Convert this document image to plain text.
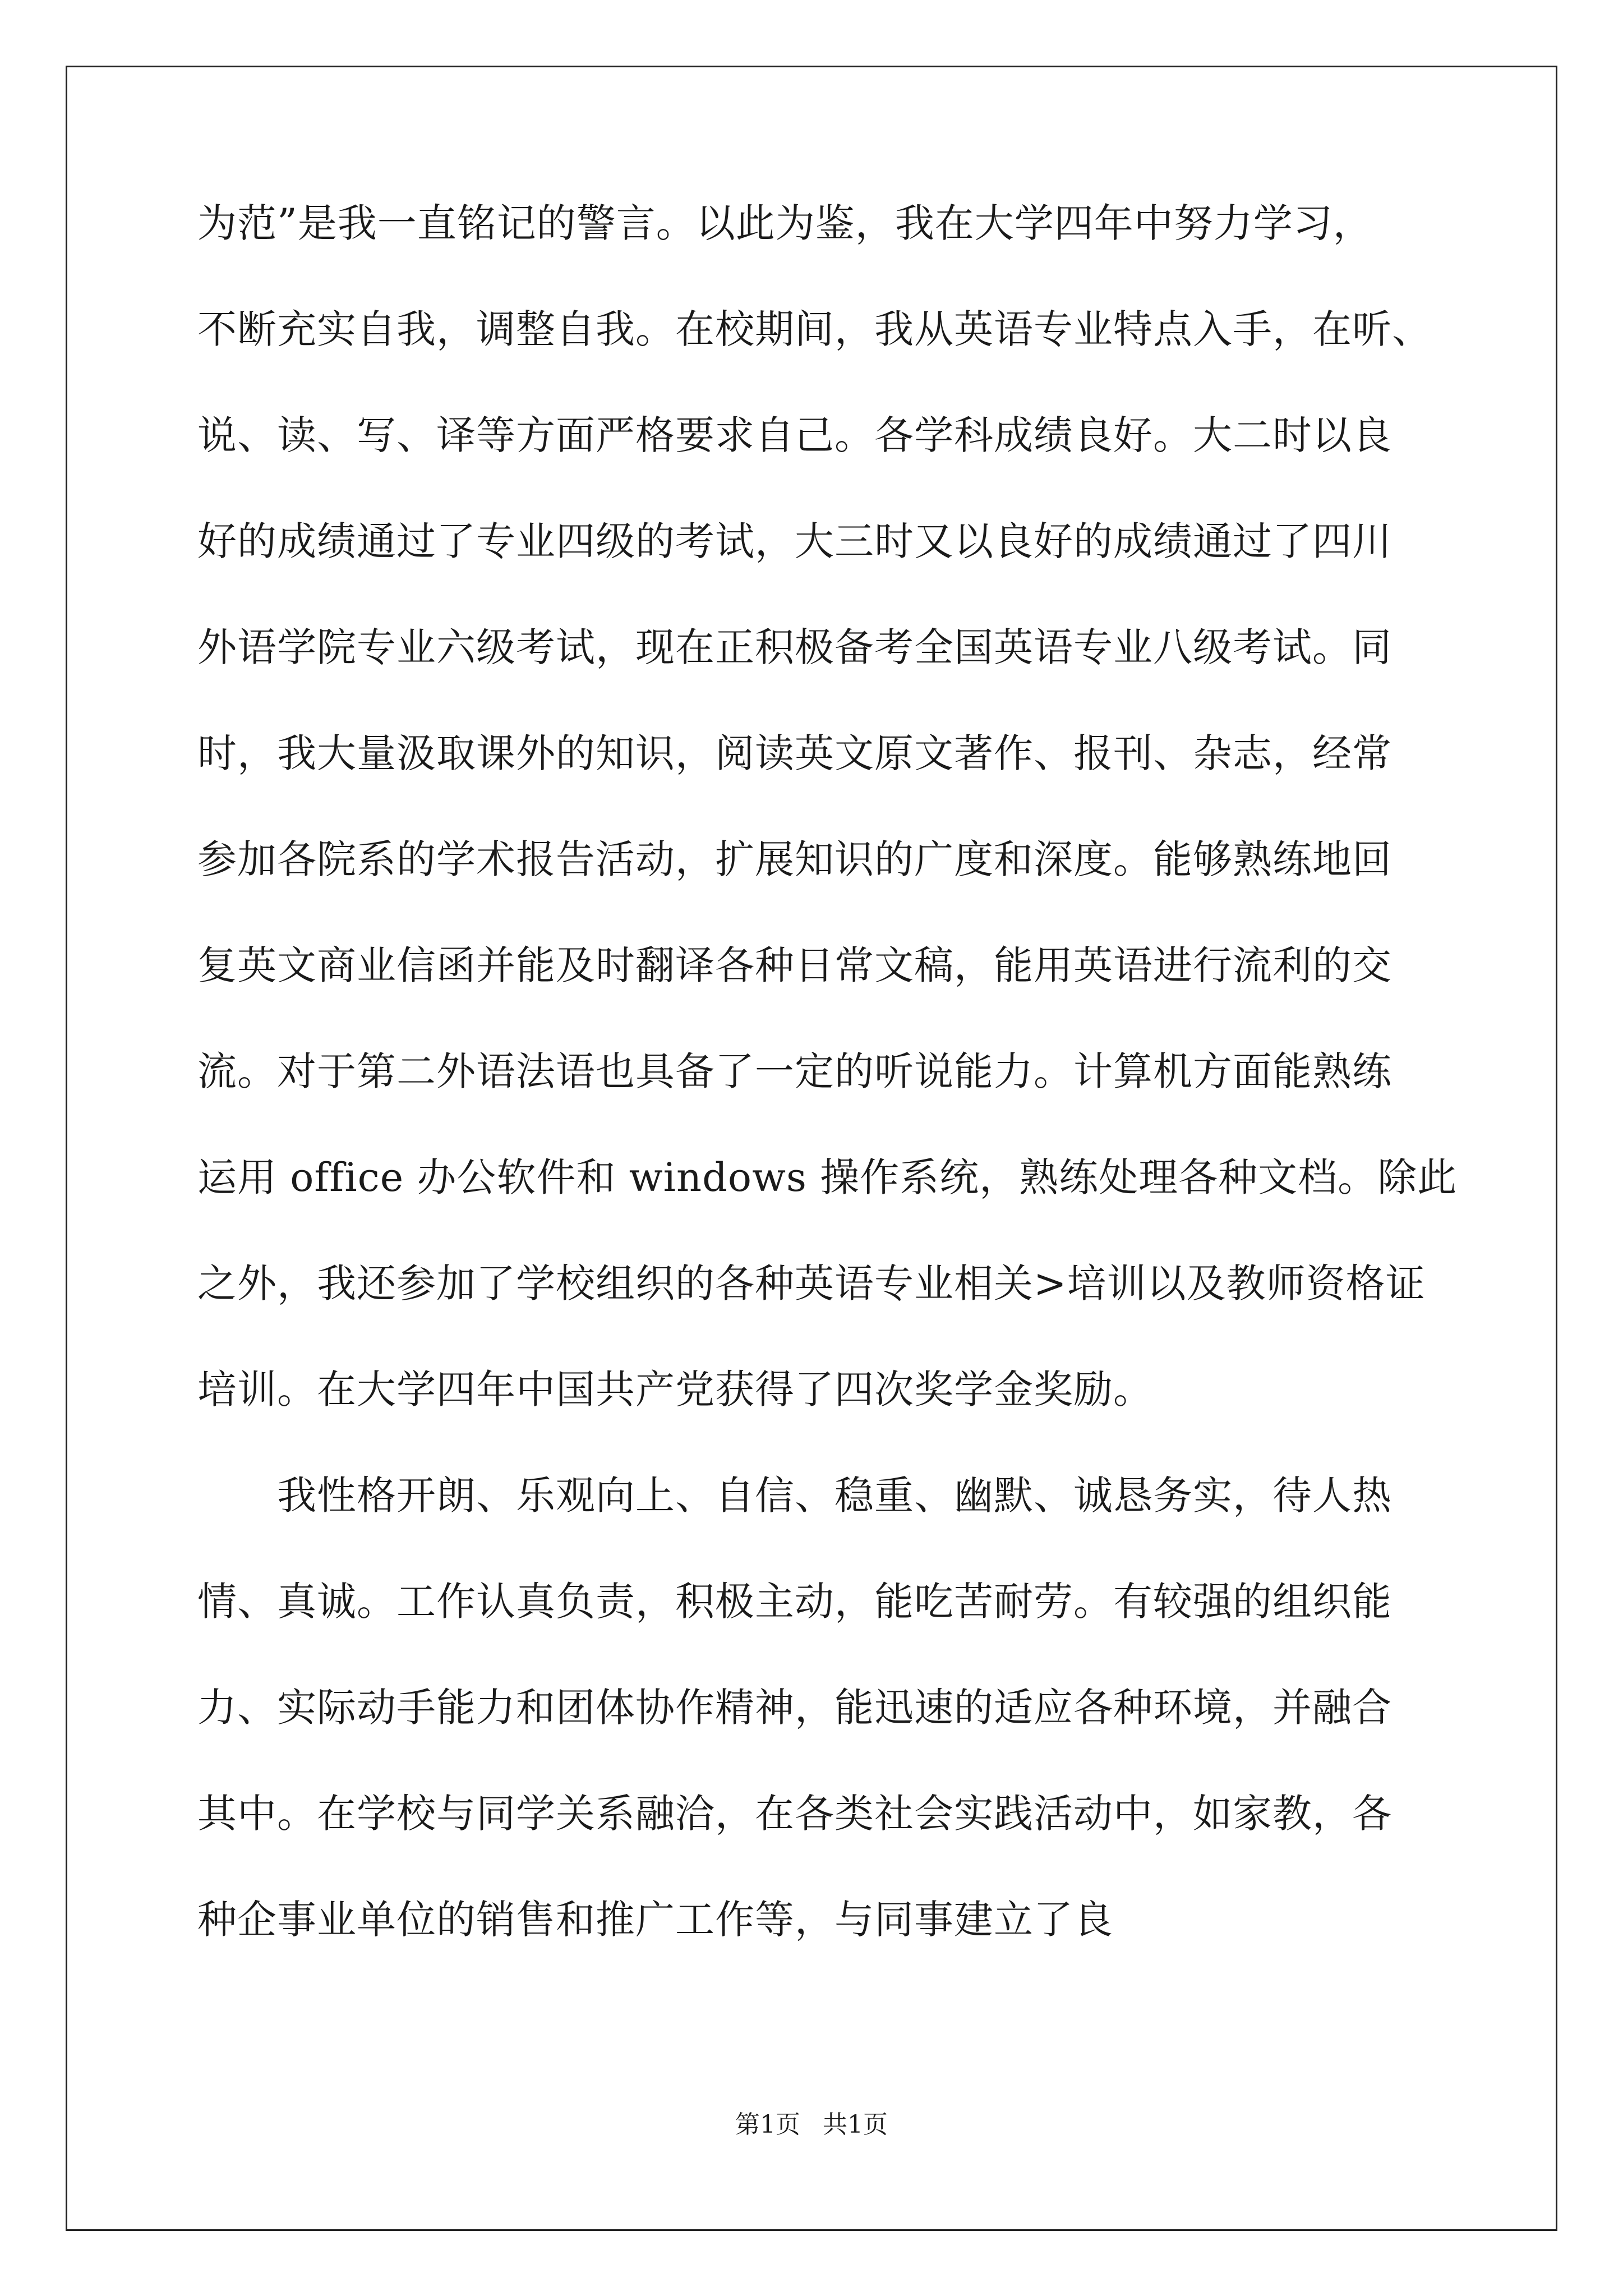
为范”是我一直铭记的警言。以此为鉴，我在大学四年中努力学习，
不断充实自我，调整自我。在校期间，我从英语专业特点入手，在听、
说、读、写、译等方面严格要求自己。各学科成绩良好。大二时以良
好的成绩通过了专业四级的考试，大三时又以良好的成绩通过了四川
外语学院专业六级考试，现在正积极备考全国英语专业八级考试。同
时，我大量汲取课外的知识，阅读英文原文著作、报刊、杂志，经常
参加各院系的学术报告活动，扩展知识的广度和深度。能够熟练地回
复英文商业信函并能及时翻译各种日常文稿，能用英语进行流利的交
流。对于第二外语法语也具备了一定的听说能力。计算机方面能熟练
运用 office 办公软件和 windows 操作系统，熟练处理各种文档。除此
之外，我还参加了学校组织的各种英语专业相关>培训以及教师资格证
培训。在大学四年中国共产党获得了四次奖学金奖励。
　　我性格开朗、乐观向上、自信、稳重、幽默、诚恳务实，待人热
情、真诚。工作认真负责，积极主动，能吃苦耐劳。有较强的组织能
力、实际动手能力和团体协作精神，能迅速的适应各种环境，并融合
其中。在学校与同学关系融洽，在各类社会实践活动中，如家教，各
种企事业单位的销售和推广工作等，与同事建立了良
第1页 共1页
